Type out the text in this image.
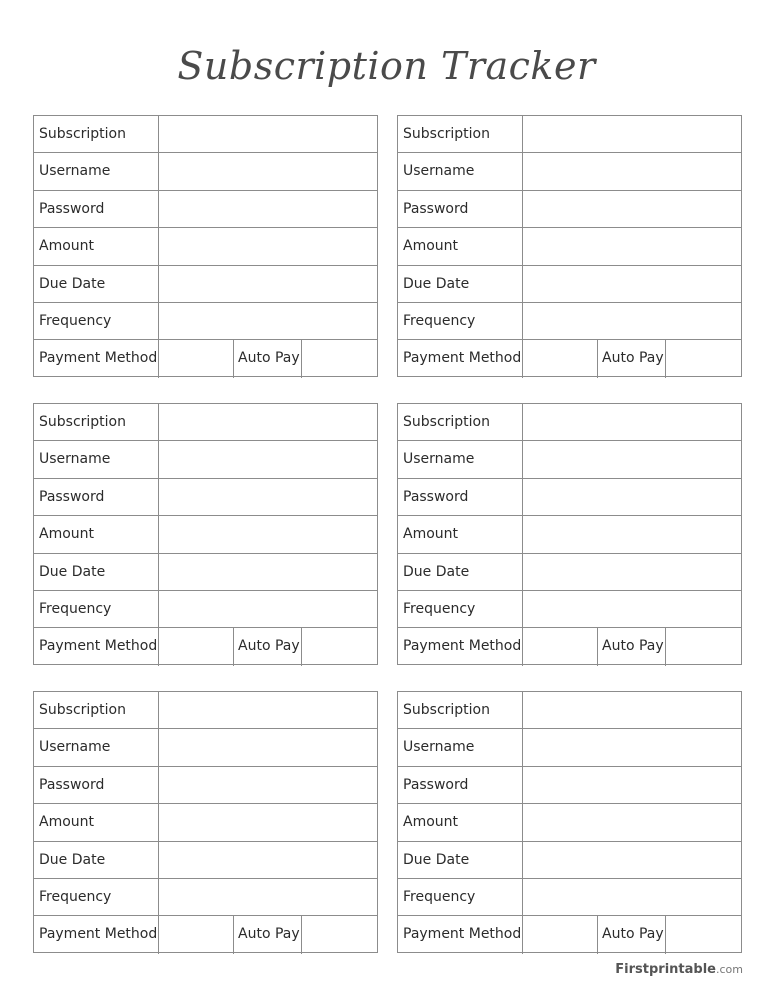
Subscription Tracker
Subscription
Username
Password
Amount
Due Date
Frequency
Payment Method	Auto Pay
Subscription
Username
Password
Amount
Due Date
Frequency
Payment Method	Auto Pay
Subscription
Username
Password
Amount
Due Date
Frequency
Payment Method	Auto Pay
Subscription
Username
Password
Amount
Due Date
Frequency
Payment Method	Auto Pay
Subscription
Username
Password
Amount
Due Date
Frequency
Payment Method	Auto Pay
Subscription
Username
Password
Amount
Due Date
Frequency
Payment Method	Auto Pay
Firstprintable.com
